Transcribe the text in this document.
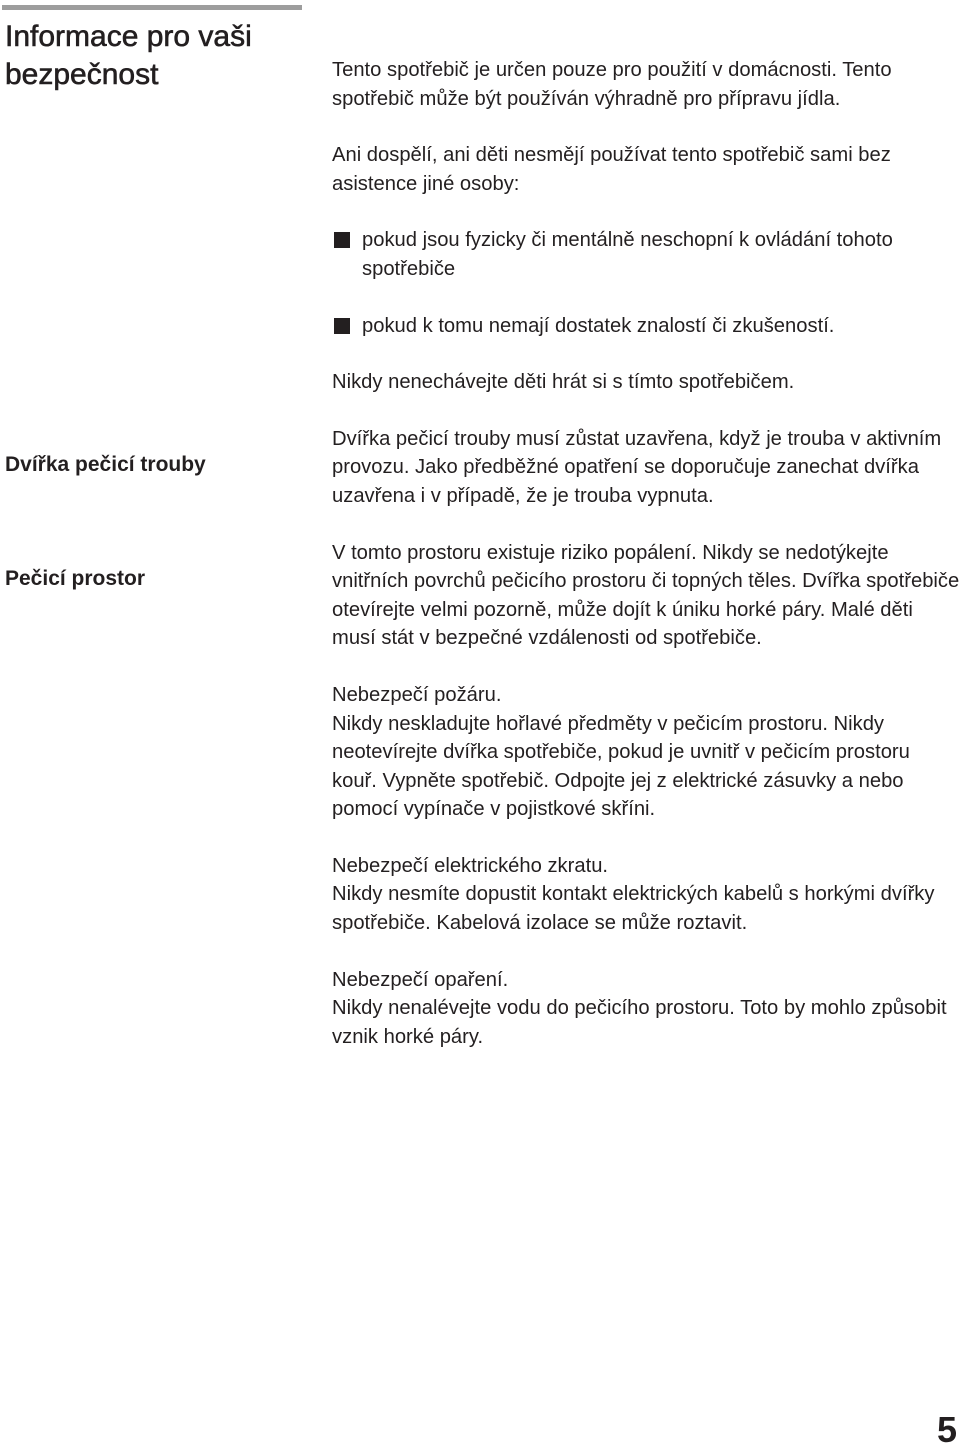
Informace pro vaši bezpečnost
Dvířka pečicí trouby
Pečicí prostor

Tento spotřebič je určen pouze pro použití v domácnosti. Tento spotřebič může být používán výhradně pro přípravu jídla.

Ani dospělí, ani děti nesmějí používat tento spotřebič sami bez asistence jiné osoby:

pokud jsou fyzicky či mentálně neschopní k ovládání tohoto spotřebiče

pokud k tomu nemají dostatek znalostí či zkušeností.

Nikdy nenechávejte děti hrát si s tímto spotřebičem.

Dvířka pečicí trouby musí zůstat uzavřena, když je trouba v aktivním provozu. Jako předběžné opatření se doporučuje zanechat dvířka uzavřena i v případě, že je trouba vypnuta.

V tomto prostoru existuje riziko popálení. Nikdy se nedotýkejte vnitřních povrchů pečicího prostoru či topných těles. Dvířka spotřebiče otevírejte velmi pozorně, může dojít k úniku horké páry. Malé děti musí stát v bezpečné vzdálenosti od spotřebiče.

Nebezpečí požáru.

Nikdy neskladujte hořlavé předměty v pečicím prostoru. Nikdy neotevírejte dvířka spotřebiče, pokud je uvnitř v pečicím prostoru kouř. Vypněte spotřebič. Odpojte jej z elektrické zásuvky a nebo pomocí vypínače v pojistkové skříni.

Nebezpečí elektrického zkratu.

Nikdy nesmíte dopustit kontakt elektrických kabelů s horkými dvířky spotřebiče. Kabelová izolace se může roztavit.

Nebezpečí opaření.

Nikdy nenalévejte vodu do pečicího prostoru. Toto by mohlo způsobit vznik horké páry.

5
